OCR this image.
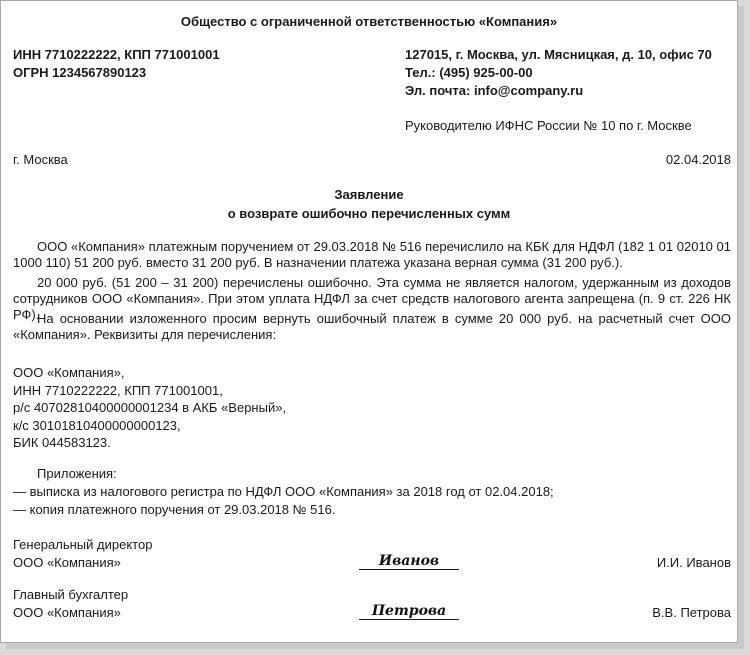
Общество с ограниченной ответственностью «Компания»
ИНН 7710222222, КПП 771001001
ОГРН 1234567890123
127015, г. Москва, ул. Мясницкая, д. 10, офис 70
Тел.: (495) 925-00-00
Эл. почта: info@company.ru
Руководителю ИФНС России № 10 по г. Москве
г. Москва	02.04.2018
Заявление
о возврате ошибочно перечисленных сумм
ООО «Компания» платежным поручением от 29.03.2018 № 516 перечислило на КБК для НДФЛ (182 1 01 02010 01 1000 110) 51 200 руб. вместо 31 200 руб. В назначении платежа указана верная сумма (31 200 руб.).
20 000 руб. (51 200 – 31 200) перечислены ошибочно. Эта сумма не является налогом, удержанным из доходов сотрудников ООО «Компания». При этом уплата НДФЛ за счет средств налогового агента запрещена (п. 9 ст. 226 НК РФ).
На основании изложенного просим вернуть ошибочный платеж в сумме 20 000 руб. на расчетный счет ООО «Компания». Реквизиты для перечисления:
ООО «Компания»,
ИНН 7710222222, КПП 771001001,
р/с 40702810400000001234 в АКБ «Верный»,
к/с 30101810400000000123,
БИК 044583123.
Приложения:
— выписка из налогового регистра по НДФЛ ООО «Компания» за 2018 год от 02.04.2018;
— копия платежного поручения от 29.03.2018 № 516.
Генеральный директор
ООО «Компания»	Иванов	И.И. Иванов
Главный бухгалтер
ООО «Компания»	Петрова	В.В. Петрова
